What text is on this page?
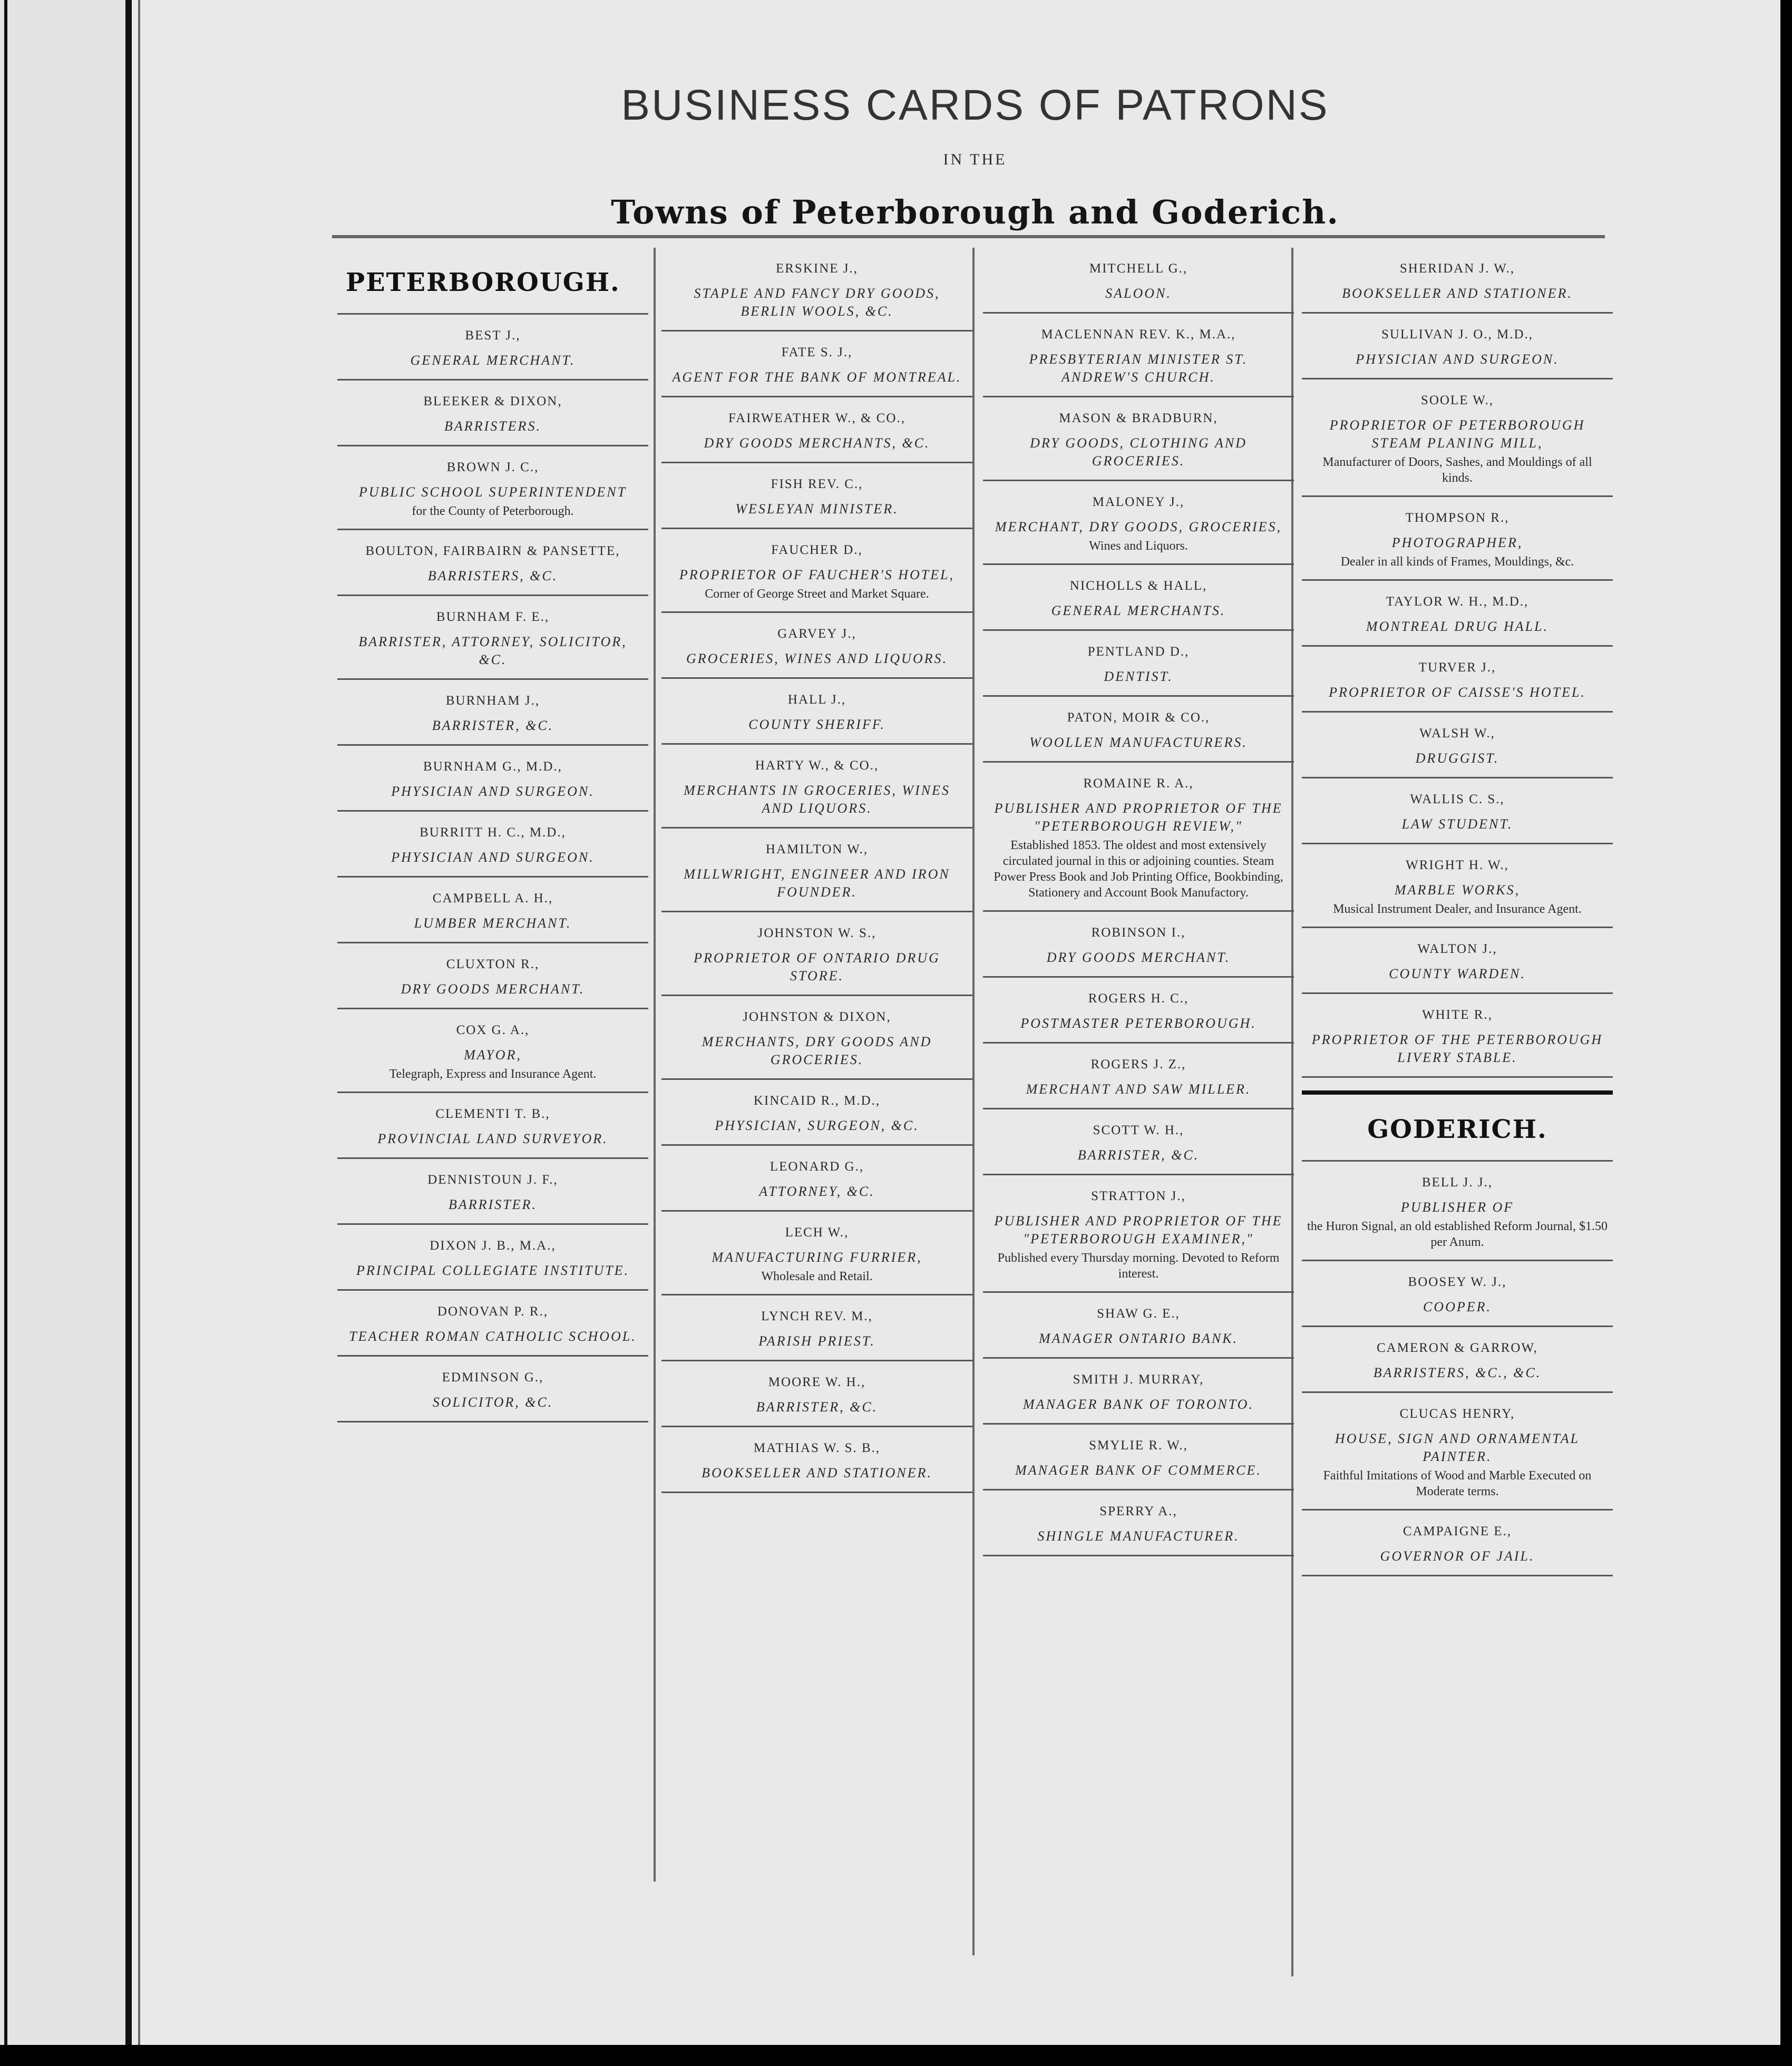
BUSINESS CARDS OF PATRONS
IN THE
Towns of Peterborough and Goderich.
PETERBOROUGH.
BEST J.,
GENERAL MERCHANT.
BLEEKER & DIXON,
BARRISTERS.
BROWN J. C.,
PUBLIC SCHOOL SUPERINTENDENT
for the County of Peterborough.
BOULTON, FAIRBAIRN & PANSETTE,
BARRISTERS, &C.
BURNHAM F. E.,
BARRISTER, ATTORNEY, SOLICITOR, &C.
BURNHAM J.,
BARRISTER, &C.
BURNHAM G., M.D.,
PHYSICIAN AND SURGEON.
BURRITT H. C., M.D.,
PHYSICIAN AND SURGEON.
CAMPBELL A. H.,
LUMBER MERCHANT.
CLUXTON R.,
DRY GOODS MERCHANT.
COX G. A.,
MAYOR,
Telegraph, Express and Insurance Agent.
CLEMENTI T. B.,
PROVINCIAL LAND SURVEYOR.
DENNISTOUN J. F.,
BARRISTER.
DIXON J. B., M.A.,
PRINCIPAL COLLEGIATE INSTITUTE.
DONOVAN P. R.,
TEACHER ROMAN CATHOLIC SCHOOL.
EDMINSON G.,
SOLICITOR, &C.
ERSKINE J.,
STAPLE AND FANCY DRY GOODS, BERLIN WOOLS, &C.
FATE S. J.,
AGENT FOR THE BANK OF MONTREAL.
FAIRWEATHER W., & CO.,
DRY GOODS MERCHANTS, &C.
FISH REV. C.,
WESLEYAN MINISTER.
FAUCHER D.,
PROPRIETOR OF FAUCHER'S HOTEL,
Corner of George Street and Market Square.
GARVEY J.,
GROCERIES, WINES AND LIQUORS.
HALL J.,
COUNTY SHERIFF.
HARTY W., & CO.,
MERCHANTS IN GROCERIES, WINES AND LIQUORS.
HAMILTON W.,
MILLWRIGHT, ENGINEER AND IRON FOUNDER.
JOHNSTON W. S.,
PROPRIETOR OF ONTARIO DRUG STORE.
JOHNSTON & DIXON,
MERCHANTS, DRY GOODS AND GROCERIES.
KINCAID R., M.D.,
PHYSICIAN, SURGEON, &C.
LEONARD G.,
ATTORNEY, &C.
LECH W.,
MANUFACTURING FURRIER,
Wholesale and Retail.
LYNCH REV. M.,
PARISH PRIEST.
MOORE W. H.,
BARRISTER, &C.
MATHIAS W. S. B.,
BOOKSELLER AND STATIONER.
MITCHELL G.,
SALOON.
MACLENNAN REV. K., M.A.,
PRESBYTERIAN MINISTER ST. ANDREW'S CHURCH.
MASON & BRADBURN,
DRY GOODS, CLOTHING AND GROCERIES.
MALONEY J.,
MERCHANT, DRY GOODS, GROCERIES,
Wines and Liquors.
NICHOLLS & HALL,
GENERAL MERCHANTS.
PENTLAND D.,
DENTIST.
PATON, MOIR & CO.,
WOOLLEN MANUFACTURERS.
ROMAINE R. A.,
PUBLISHER AND PROPRIETOR OF THE "PETERBOROUGH REVIEW,"
Established 1853. The oldest and most extensively circulated journal in this or adjoining counties. Steam Power Press Book and Job Printing Office, Bookbinding, Stationery and Account Book Manufactory.
ROBINSON I.,
DRY GOODS MERCHANT.
ROGERS H. C.,
POSTMASTER PETERBOROUGH.
ROGERS J. Z.,
MERCHANT AND SAW MILLER.
SCOTT W. H.,
BARRISTER, &C.
STRATTON J.,
PUBLISHER AND PROPRIETOR OF THE "PETERBOROUGH EXAMINER,"
Published every Thursday morning. Devoted to Reform interest.
SHAW G. E.,
MANAGER ONTARIO BANK.
SMITH J. MURRAY,
MANAGER BANK OF TORONTO.
SMYLIE R. W.,
MANAGER BANK OF COMMERCE.
SPERRY A.,
SHINGLE MANUFACTURER.
SHERIDAN J. W.,
BOOKSELLER AND STATIONER.
SULLIVAN J. O., M.D.,
PHYSICIAN AND SURGEON.
SOOLE W.,
PROPRIETOR OF PETERBOROUGH STEAM PLANING MILL,
Manufacturer of Doors, Sashes, and Mouldings of all kinds.
THOMPSON R.,
PHOTOGRAPHER,
Dealer in all kinds of Frames, Mouldings, &c.
TAYLOR W. H., M.D.,
MONTREAL DRUG HALL.
TURVER J.,
PROPRIETOR OF CAISSE'S HOTEL.
WALSH W.,
DRUGGIST.
WALLIS C. S.,
LAW STUDENT.
WRIGHT H. W.,
MARBLE WORKS,
Musical Instrument Dealer, and Insurance Agent.
WALTON J.,
COUNTY WARDEN.
WHITE R.,
PROPRIETOR OF THE PETERBOROUGH LIVERY STABLE.
GODERICH.
BELL J. J.,
PUBLISHER OF
the Huron Signal, an old established Reform Journal, $1.50 per Anum.
BOOSEY W. J.,
COOPER.
CAMERON & GARROW,
BARRISTERS, &C., &C.
CLUCAS HENRY,
HOUSE, SIGN AND ORNAMENTAL PAINTER.
Faithful Imitations of Wood and Marble Executed on Moderate terms.
CAMPAIGNE E.,
GOVERNOR OF JAIL.
